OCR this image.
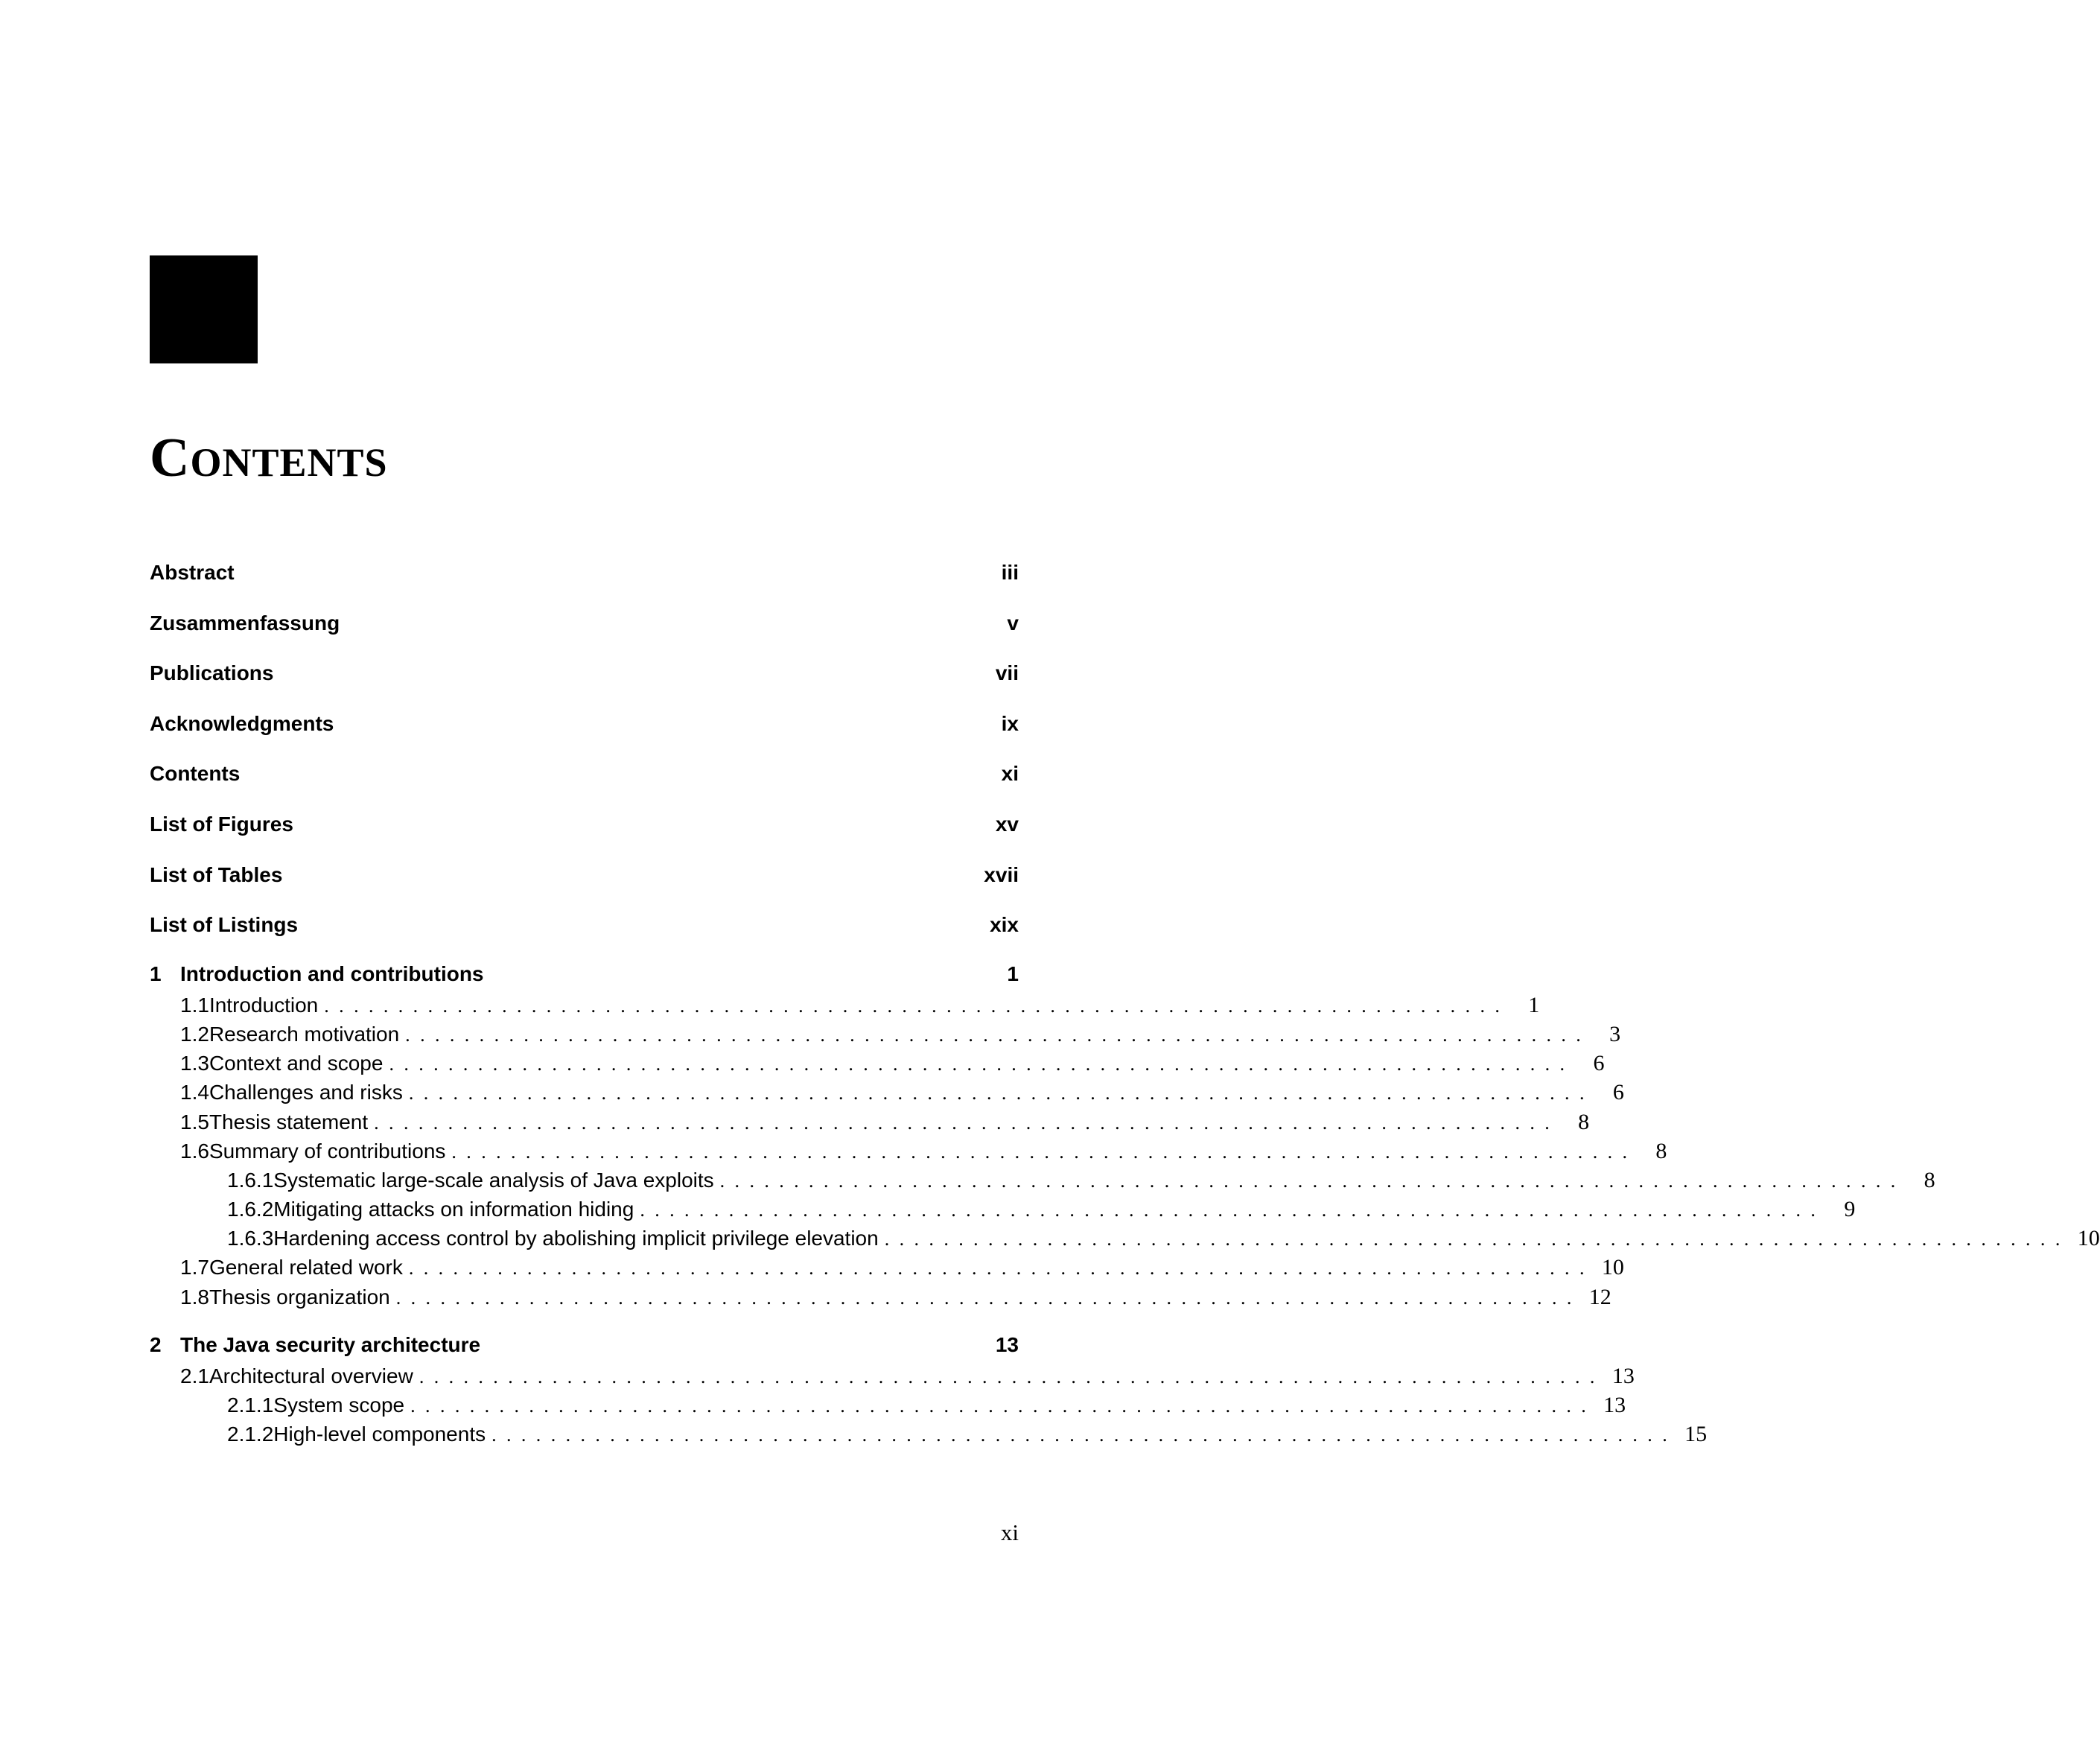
CONTENTS
Abstract	iii
Zusammenfassung	v
Publications	vii
Acknowledgments	ix
Contents	xi
List of Figures	xv
List of Tables	xvii
List of Listings	xix
1 Introduction and contributions	1
1.1 Introduction ................................................................................ 1
1.2 Research motivation ................................................................................ 3
1.3 Context and scope ................................................................................ 6
1.4 Challenges and risks ................................................................................ 6
1.5 Thesis statement ................................................................................ 8
1.6 Summary of contributions ................................................................................ 8
1.6.1 Systematic large-scale analysis of Java exploits ................................................................................ 8
1.6.2 Mitigating attacks on information hiding ................................................................................ 9
1.6.3 Hardening access control by abolishing implicit privilege elevation ................................................................................ 10
1.7 General related work ................................................................................ 10
1.8 Thesis organization ................................................................................ 12
2 The Java security architecture	13
2.1 Architectural overview ................................................................................ 13
2.1.1 System scope ................................................................................ 13
2.1.2 High-level components ................................................................................ 15
xi
